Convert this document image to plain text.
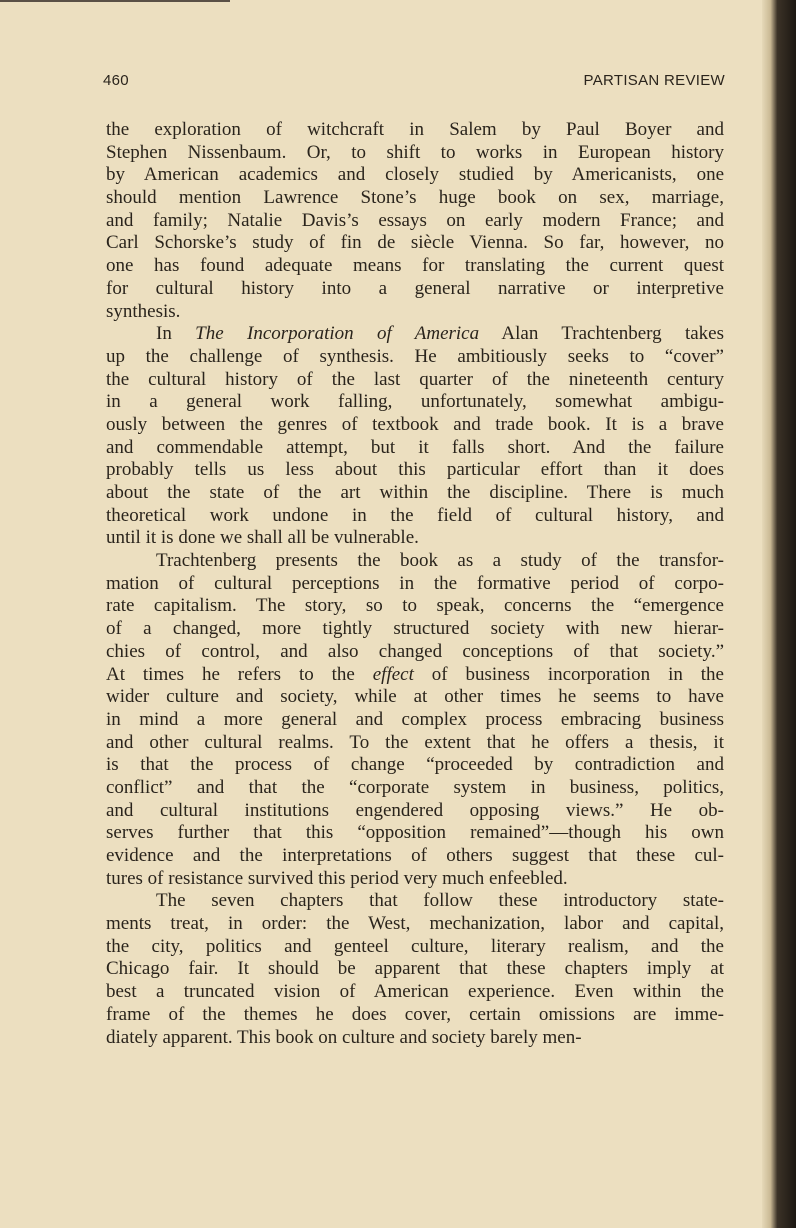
460	PARTISAN REVIEW
the exploration of witchcraft in Salem by Paul Boyer and
Stephen Nissenbaum. Or, to shift to works in European history
by American academics and closely studied by Americanists, one
should mention Lawrence Stone’s huge book on sex, marriage,
and family; Natalie Davis’s essays on early modern France; and
Carl Schorske’s study of fin de siècle Vienna. So far, however, no
one has found adequate means for translating the current quest
for cultural history into a general narrative or interpretive
synthesis.
In The Incorporation of America Alan Trachtenberg takes
up the challenge of synthesis. He ambitiously seeks to “cover”
the cultural history of the last quarter of the nineteenth century
in a general work falling, unfortunately, somewhat ambigu-
ously between the genres of textbook and trade book. It is a brave
and commendable attempt, but it falls short. And the failure
probably tells us less about this particular effort than it does
about the state of the art within the discipline. There is much
theoretical work undone in the field of cultural history, and
until it is done we shall all be vulnerable.
Trachtenberg presents the book as a study of the transfor-
mation of cultural perceptions in the formative period of corpo-
rate capitalism. The story, so to speak, concerns the “emergence
of a changed, more tightly structured society with new hierar-
chies of control, and also changed conceptions of that society.”
At times he refers to the effect of business incorporation in the
wider culture and society, while at other times he seems to have
in mind a more general and complex process embracing business
and other cultural realms. To the extent that he offers a thesis, it
is that the process of change “proceeded by contradiction and
conflict” and that the “corporate system in business, politics,
and cultural institutions engendered opposing views.” He ob-
serves further that this “opposition remained”—though his own
evidence and the interpretations of others suggest that these cul-
tures of resistance survived this period very much enfeebled.
The seven chapters that follow these introductory state-
ments treat, in order: the West, mechanization, labor and capital,
the city, politics and genteel culture, literary realism, and the
Chicago fair. It should be apparent that these chapters imply at
best a truncated vision of American experience. Even within the
frame of the themes he does cover, certain omissions are imme-
diately apparent. This book on culture and society barely men-
